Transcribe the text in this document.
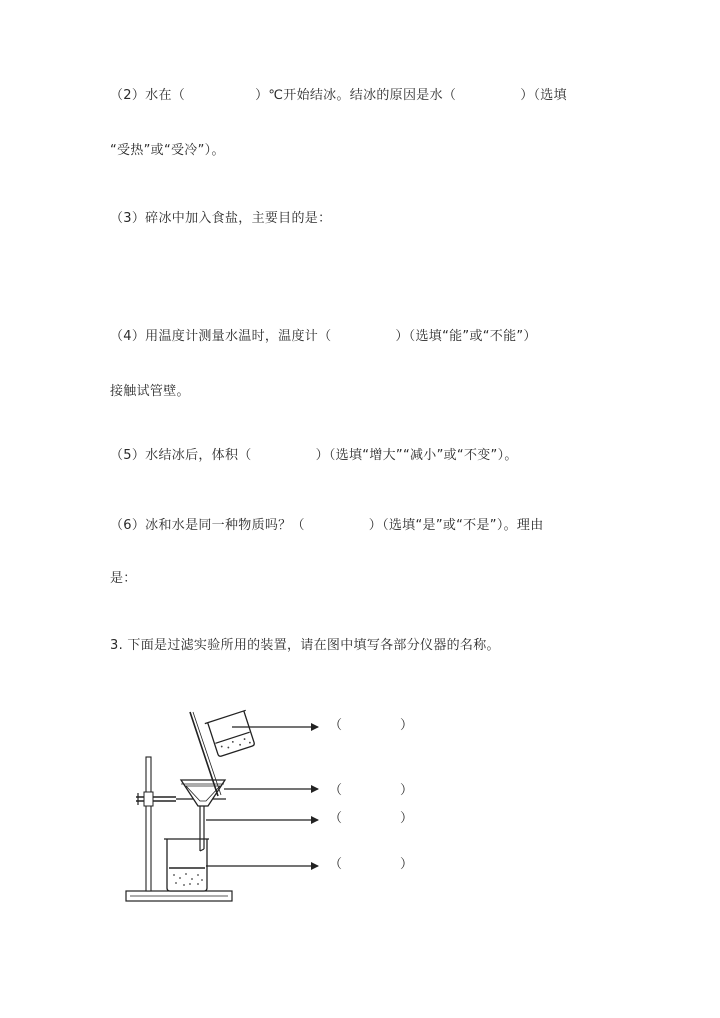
（2）水在（	）℃开始结冰。结冰的原因是水（	）（选填
“受热”或“受冷”）。
（3）碎冰中加入食盐，主要目的是：
（4）用温度计测量水温时，温度计（	）（选填“能”或“不能”）
接触试管壁。
（5）水结冰后，体积（	）（选填“增大”“减小”或“不变”）。
（6）冰和水是同一种物质吗？（	）（选填“是”或“不是”）。理由
是：
3. 下面是过滤实验所用的装置，请在图中填写各部分仪器的名称。
（	）
（	）
（	）
（	）
